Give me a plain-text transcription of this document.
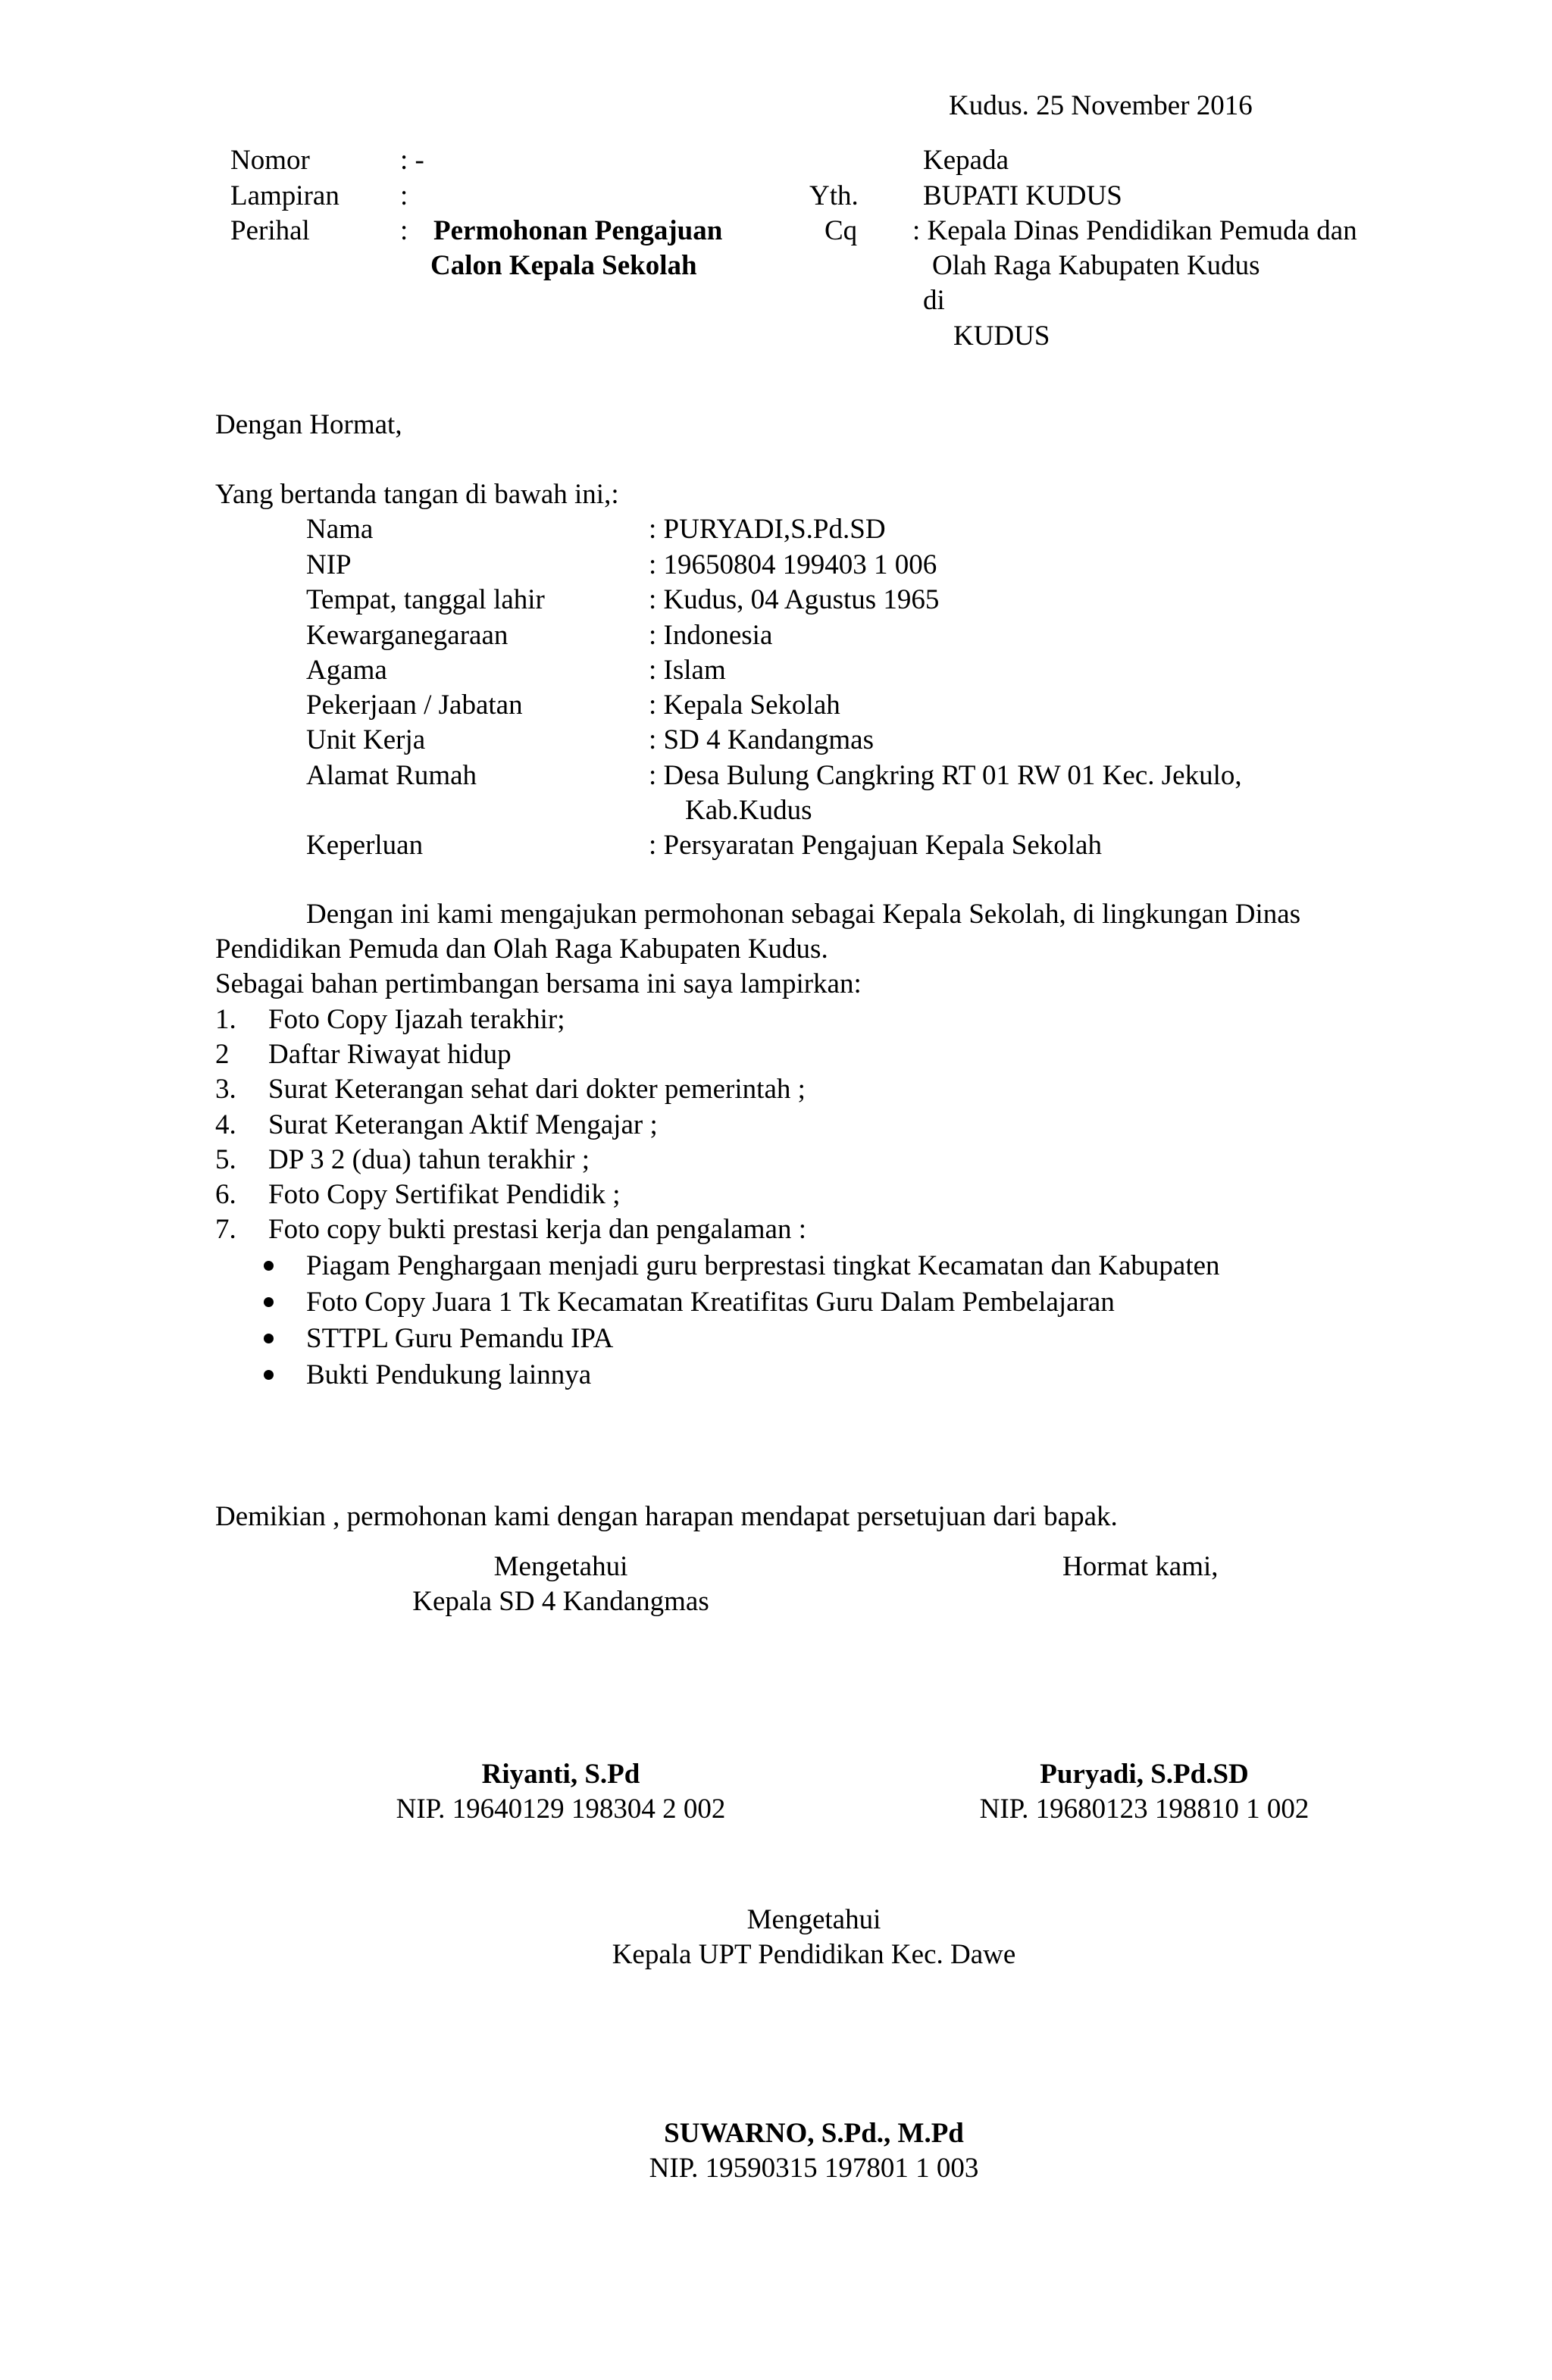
Kudus. 25 November 2016
Nomor	: -	Kepada
Lampiran :	Yth. BUPATI KUDUS
Perihal	: Permohonan Pengajuan
Calon Kepala Sekolah
Cq : Kepala Dinas Pendidikan Pemuda dan
Olah Raga Kabupaten Kudus
di
KUDUS
Dengan Hormat,
Yang bertanda tangan di bawah ini,:
Nama	: PURYADI,S.Pd.SD
NIP	: 19650804 199403 1 006
Tempat, tanggal lahir	: Kudus, 04 Agustus 1965
Kewarganegaraan	: Indonesia
Agama	: Islam
Pekerjaan / Jabatan	: Kepala Sekolah
Unit Kerja	: SD 4 Kandangmas
Alamat Rumah	: Desa Bulung Cangkring RT 01 RW 01 Kec. Jekulo,
Kab.Kudus
Keperluan	: Persyaratan Pengajuan Kepala Sekolah
Dengan ini kami mengajukan permohonan sebagai Kepala Sekolah, di lingkungan Dinas
Pendidikan Pemuda dan Olah Raga Kabupaten Kudus.
Sebagai bahan pertimbangan bersama ini saya lampirkan:
1. Foto Copy Ijazah terakhir;
2 Daftar Riwayat hidup
3. Surat Keterangan sehat dari dokter pemerintah ;
4. Surat Keterangan Aktif Mengajar ;
5. DP 3 2 (dua) tahun terakhir ;
6. Foto Copy Sertifikat Pendidik ;
7. Foto copy bukti prestasi kerja dan pengalaman :
Piagam Penghargaan menjadi guru berprestasi tingkat Kecamatan dan Kabupaten
Foto Copy Juara 1 Tk Kecamatan Kreatifitas Guru Dalam Pembelajaran
STTPL Guru Pemandu IPA
Bukti Pendukung lainnya
Demikian , permohonan kami dengan harapan mendapat persetujuan dari bapak.
Mengetahui
Kepala SD 4 Kandangmas
Hormat kami,
Riyanti, S.Pd
NIP. 19640129 198304 2 002
Puryadi, S.Pd.SD
NIP. 19680123 198810 1 002
Mengetahui
Kepala UPT Pendidikan Kec. Dawe
SUWARNO, S.Pd., M.Pd
NIP. 19590315 197801 1 003
